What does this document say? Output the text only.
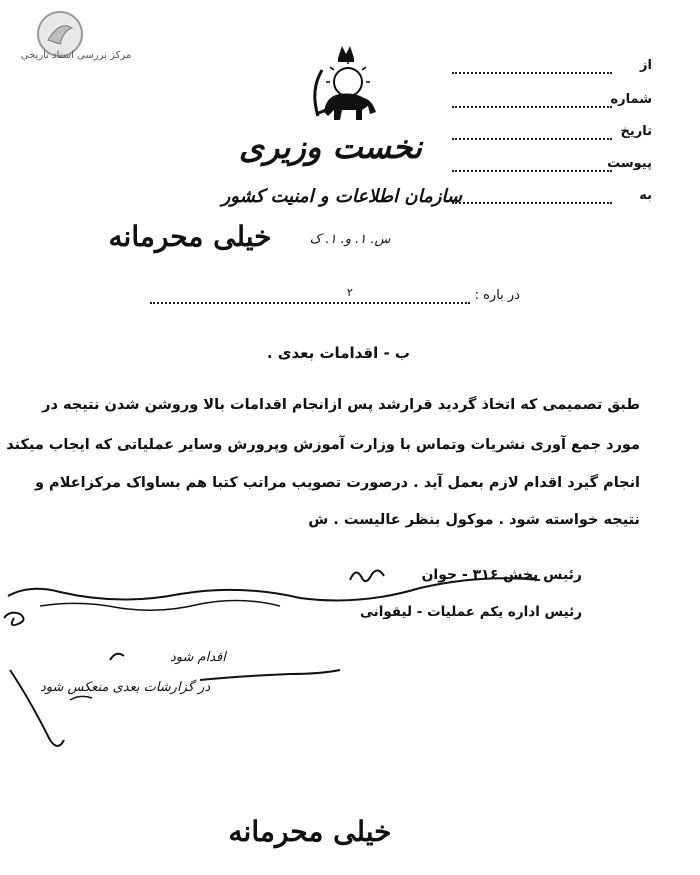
مرکز بررسی اسناد تاریخی
نخست وزیری
سازمان اطلاعات و امنیت کشور
خیلی محرمانه	س. ۱. و. ۱. ک
از
شماره
تاریخ
پیوست
به
در باره :
۲
ب - اقدامات بعدی .
طبق تصمیمی که اتخاذ گردید قرارشد پس ازانجام اقدامات بالا وروشن شدن نتیجه در
مورد جمع آوری نشریات وتماس با وزارت آموزش وپرورش وسایر عملیاتی که ایجاب میکند
انجام گیرد اقدام لازم بعمل آید . درصورت تصویب مراتب کتبا هم بساواک مرکزاعلام و
نتیجه خواسته شود . موکول بنظر عالیست . ش
رئیس بخش ۳۱۶ - جوان
رئیس اداره یکم عملیات - لیقوانی
اقدام شود
در گزارشات بعدی منعکس شود
خیلی محرمانه
